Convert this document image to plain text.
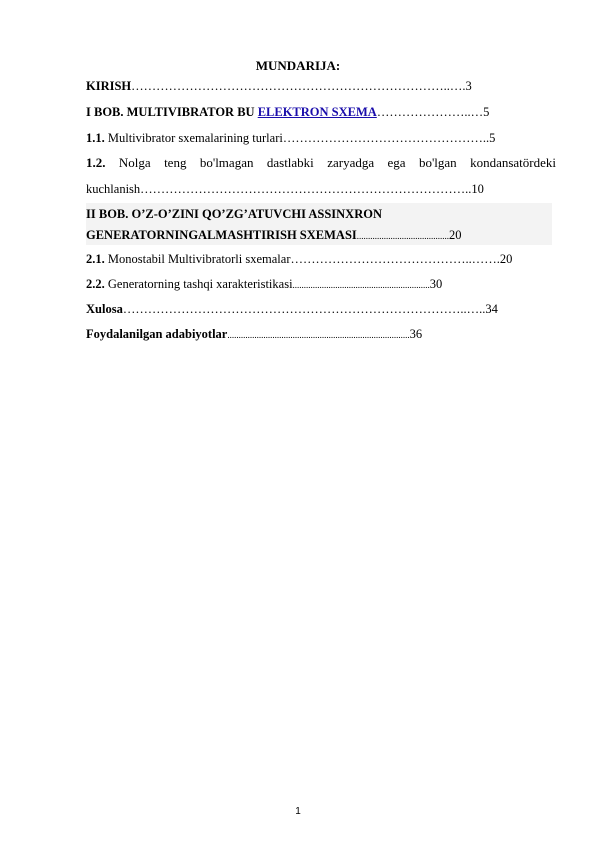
MUNDARIJA:
KIRISH…………………………………………………………………..….3
I BOB. MULTIVIBRATOR BU ELEKTRON SXEMA…………………..…5
1.1. Multivibrator sxemalarining turlari…………………………………………..5
1.2. Nolga teng bo'lmagan dastlabki zaryadga ega bo'lgan kondansatördeki
kuchlanish……………………………………………………………………..10
II BOB. O’Z-O’ZINI QO’ZG’ATUVCHI ASSINXRON
GENERATORNINGALMASHTIRISH SXEMASI.........................................20
2.1. Monostabil Multivibratorli sxemalar……………………………………..…….20
2.2. Generatorning tashqi xarakteristikasi.............................................................30
Xulosa………………………………………………………………………..…..34
Foydalanilgan adabiyotlar.................................................................................36
1
